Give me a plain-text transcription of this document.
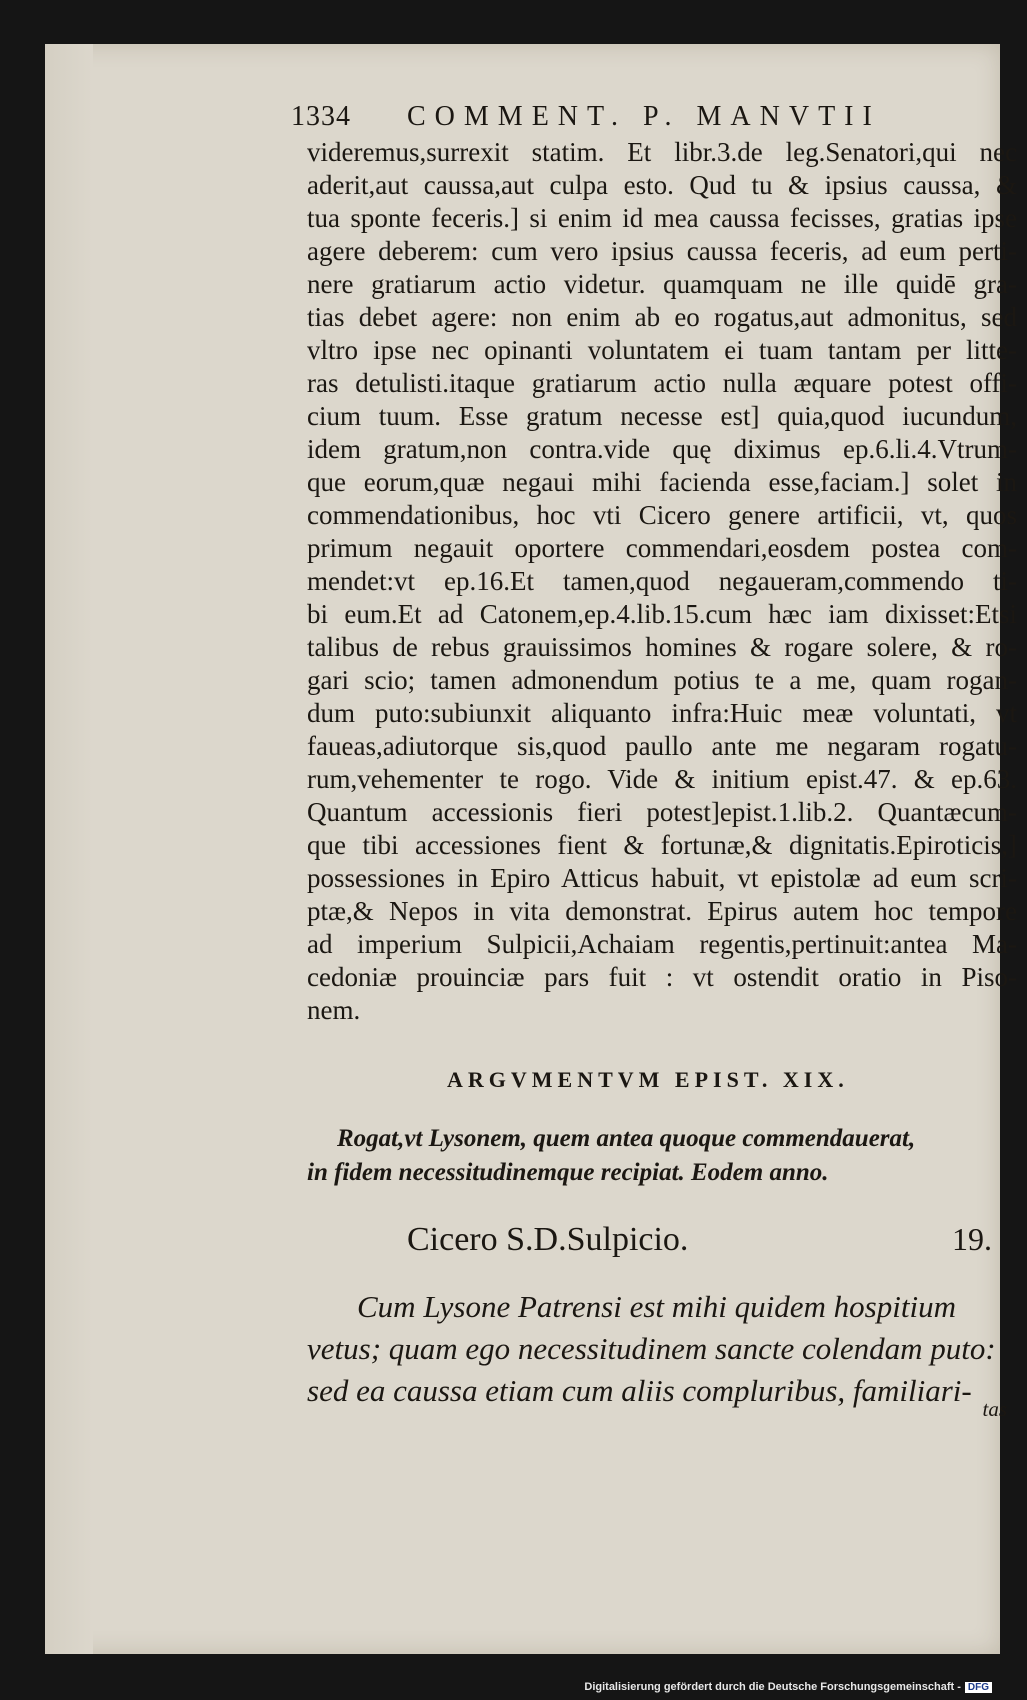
1334 COMMENT. P. MANVTII
videremus,surrexit statim. Et libr.3.de leg.Senatori,qui nec
aderit,aut caussa,aut culpa esto. Qud tu & ipsius caussa, &
tua sponte feceris.] si enim id mea caussa fecisses, gratias ipse
agere deberem: cum vero ipsius caussa feceris, ad eum perti-
nere gratiarum actio videtur. quamquam ne ille quidē gra-
tias debet agere: non enim ab eo rogatus,aut admonitus, sed
vltro ipse nec opinanti voluntatem ei tuam tantam per litte-
ras detulisti.itaque gratiarum actio nulla æquare potest offi-
cium tuum. Esse gratum necesse est] quia,quod iucundum,
idem gratum,non contra.vide quę diximus ep.6.li.4.Vtrum-
que eorum,quæ negaui mihi facienda esse,faciam.] solet in
commendationibus, hoc vti Cicero genere artificii, vt, quos
primum negauit oportere commendari,eosdem postea com-
mendet:vt ep.16.Et tamen,quod negaueram,commendo ti-
bi eum.Et ad Catonem,ep.4.lib.15.cum hæc iam dixisset:Etsi
talibus de rebus grauissimos homines & rogare solere, & ro-
gari scio; tamen admonendum potius te a me, quam rogan-
dum puto:subiunxit aliquanto infra:Huic meæ voluntati, vt
faueas,adiutorque sis,quod paullo ante me negaram rogatu-
rum,vehementer te rogo. Vide & initium epist.47. & ep.63.
Quantum accessionis fieri potest]epist.1.lib.2. Quantæcum-
que tibi accessiones fient & fortunæ,& dignitatis.Epiroticis,]
possessiones in Epiro Atticus habuit, vt epistolæ ad eum scri-
ptæ,& Nepos in vita demonstrat. Epirus autem hoc tempore
ad imperium Sulpicii,Achaiam regentis,pertinuit:antea Ma-
cedoniæ prouinciæ pars fuit : vt ostendit oratio in Piso-
nem.
ARGVMENTVM EPIST. XIX.
Rogat,vt Lysonem, quem antea quoque commendauerat,
in fidem necessitudinemque recipiat. Eodem anno.
Cicero S.D.Sulpicio.	19.
Cum Lysone Patrensi est mihi quidem hospitium
vetus; quam ego necessitudinem sancte colendam puto:
sed ea caussa etiam cum aliis compluribus, familiari-
tas
Digitalisierung gefördert durch die Deutsche Forschungsgemeinschaft - DFG
